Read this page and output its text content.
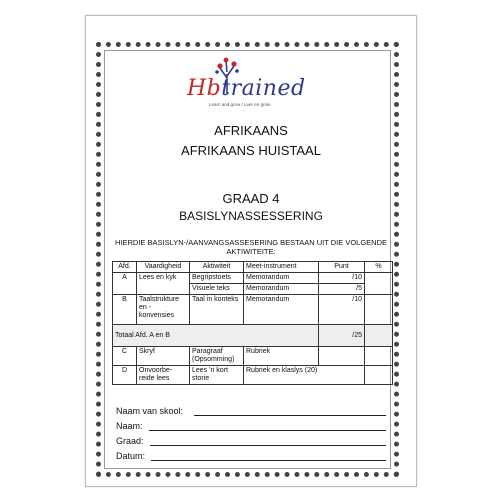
Hbtrained
Learn and grow / Leer en groei
AFRIKAANS
AFRIKAANS HUISTAAL
GRAAD 4
BASISLYNASSESSERING
HIERDIE BASISLYN-/AANVANGSASSESERING BESTAAN UIT DIE VOLGENDE AKTIWITEITE:
Afd.	Vaardigheid	Aktiwiteit	Meet-instrument	Punt	%
A	Lees en kyk	Begripstoets	Memorandum	/10	
		Visuele teks	Memorandum	/5	
B	Taalstrukture en - konvensies	Taal in konteks	Memorandum	/10	
Totaal Afd. A en B				/25	
C	Skryf	Paragraaf (Opsomming)	Rubriek		
D	Onvoorbe-reide lees	Lees 'n kort storie	Rubriek en klaslys (20)		
Naam van skool:
Naam:
Graad:
Datum:
